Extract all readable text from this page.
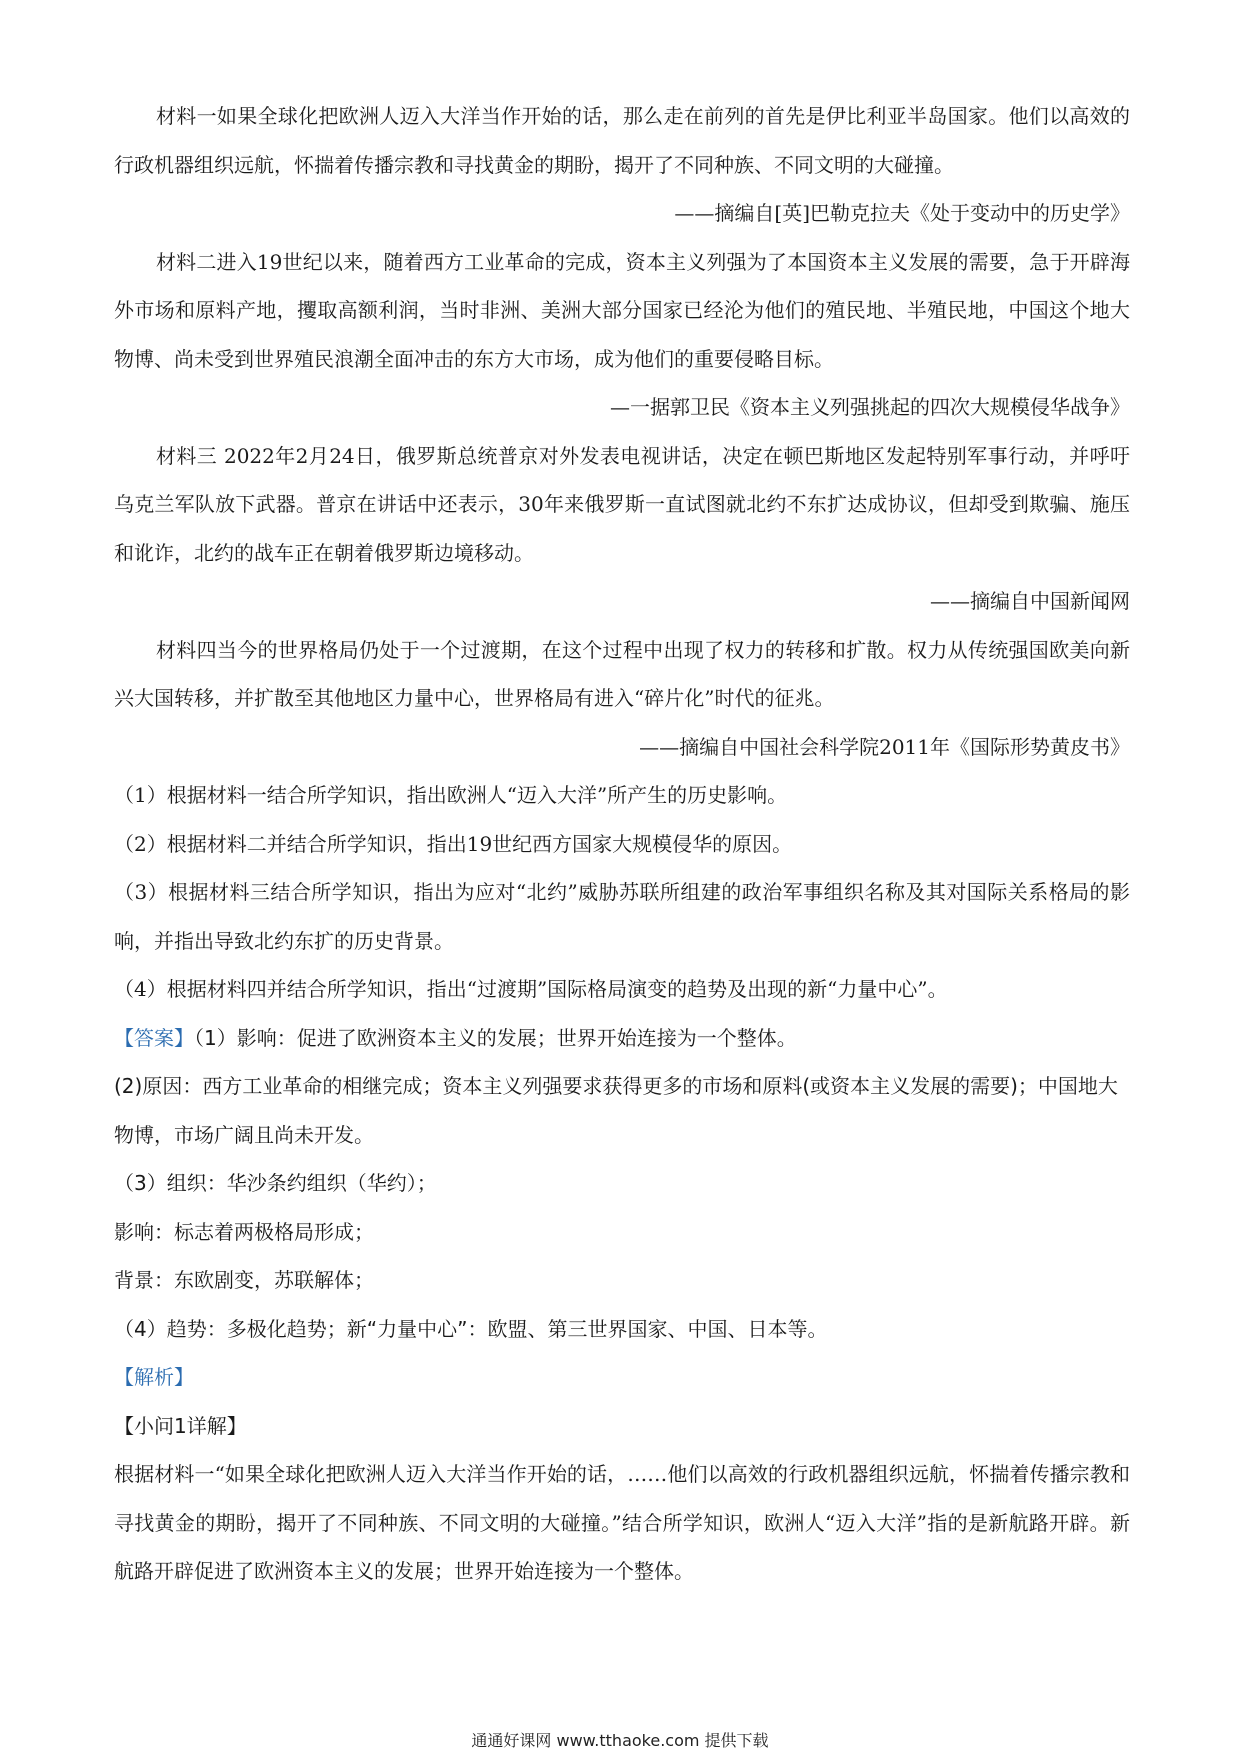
材料一如果全球化把欧洲人迈入大洋当作开始的话，那么走在前列的首先是伊比利亚半岛国家。他们以高效的行政机器组织远航，怀揣着传播宗教和寻找黄金的期盼，揭开了不同种族、不同文明的大碰撞。

——摘编自[英]巴勒克拉夫《处于变动中的历史学》

材料二进入19世纪以来，随着西方工业革命的完成，资本主义列强为了本国资本主义发展的需要，急于开辟海外市场和原料产地，攫取高额利润，当时非洲、美洲大部分国家已经沦为他们的殖民地、半殖民地，中国这个地大物博、尚未受到世界殖民浪潮全面冲击的东方大市场，成为他们的重要侵略目标。

—一据郭卫民《资本主义列强挑起的四次大规模侵华战争》

材料三 2022年2月24日，俄罗斯总统普京对外发表电视讲话，决定在顿巴斯地区发起特别军事行动，并呼吁乌克兰军队放下武器。普京在讲话中还表示，30年来俄罗斯一直试图就北约不东扩达成协议，但却受到欺骗、施压和讹诈，北约的战车正在朝着俄罗斯边境移动。

——摘编自中国新闻网

材料四当今的世界格局仍处于一个过渡期，在这个过程中出现了权力的转移和扩散。权力从传统强国欧美向新兴大国转移，并扩散至其他地区力量中心，世界格局有进入“碎片化”时代的征兆。

——摘编自中国社会科学院2011年《国际形势黄皮书》

（1）根据材料一结合所学知识，指出欧洲人“迈入大洋”所产生的历史影响。

（2）根据材料二并结合所学知识，指出19世纪西方国家大规模侵华的原因。

（3）根据材料三结合所学知识，指出为应对“北约”威胁苏联所组建的政治军事组织名称及其对国际关系格局的影响，并指出导致北约东扩的历史背景。

（4）根据材料四并结合所学知识，指出“过渡期”国际格局演变的趋势及出现的新“力量中心”。

【答案】（1）影响：促进了欧洲资本主义的发展；世界开始连接为一个整体。

(2)原因：西方工业革命的相继完成；资本主义列强要求获得更多的市场和原料(或资本主义发展的需要)；中国地大物博，市场广阔且尚未开发。

（3）组织：华沙条约组织（华约）；

影响：标志着两极格局形成；

背景：东欧剧变，苏联解体；

（4）趋势：多极化趋势；新“力量中心”：欧盟、第三世界国家、中国、日本等。

【解析】

【小问1详解】

根据材料一“如果全球化把欧洲人迈入大洋当作开始的话，……他们以高效的行政机器组织远航，怀揣着传播宗教和寻找黄金的期盼，揭开了不同种族、不同文明的大碰撞。”结合所学知识，欧洲人“迈入大洋”指的是新航路开辟。新航路开辟促进了欧洲资本主义的发展；世界开始连接为一个整体。

通通好课网 www.tthaoke.com 提供下载
